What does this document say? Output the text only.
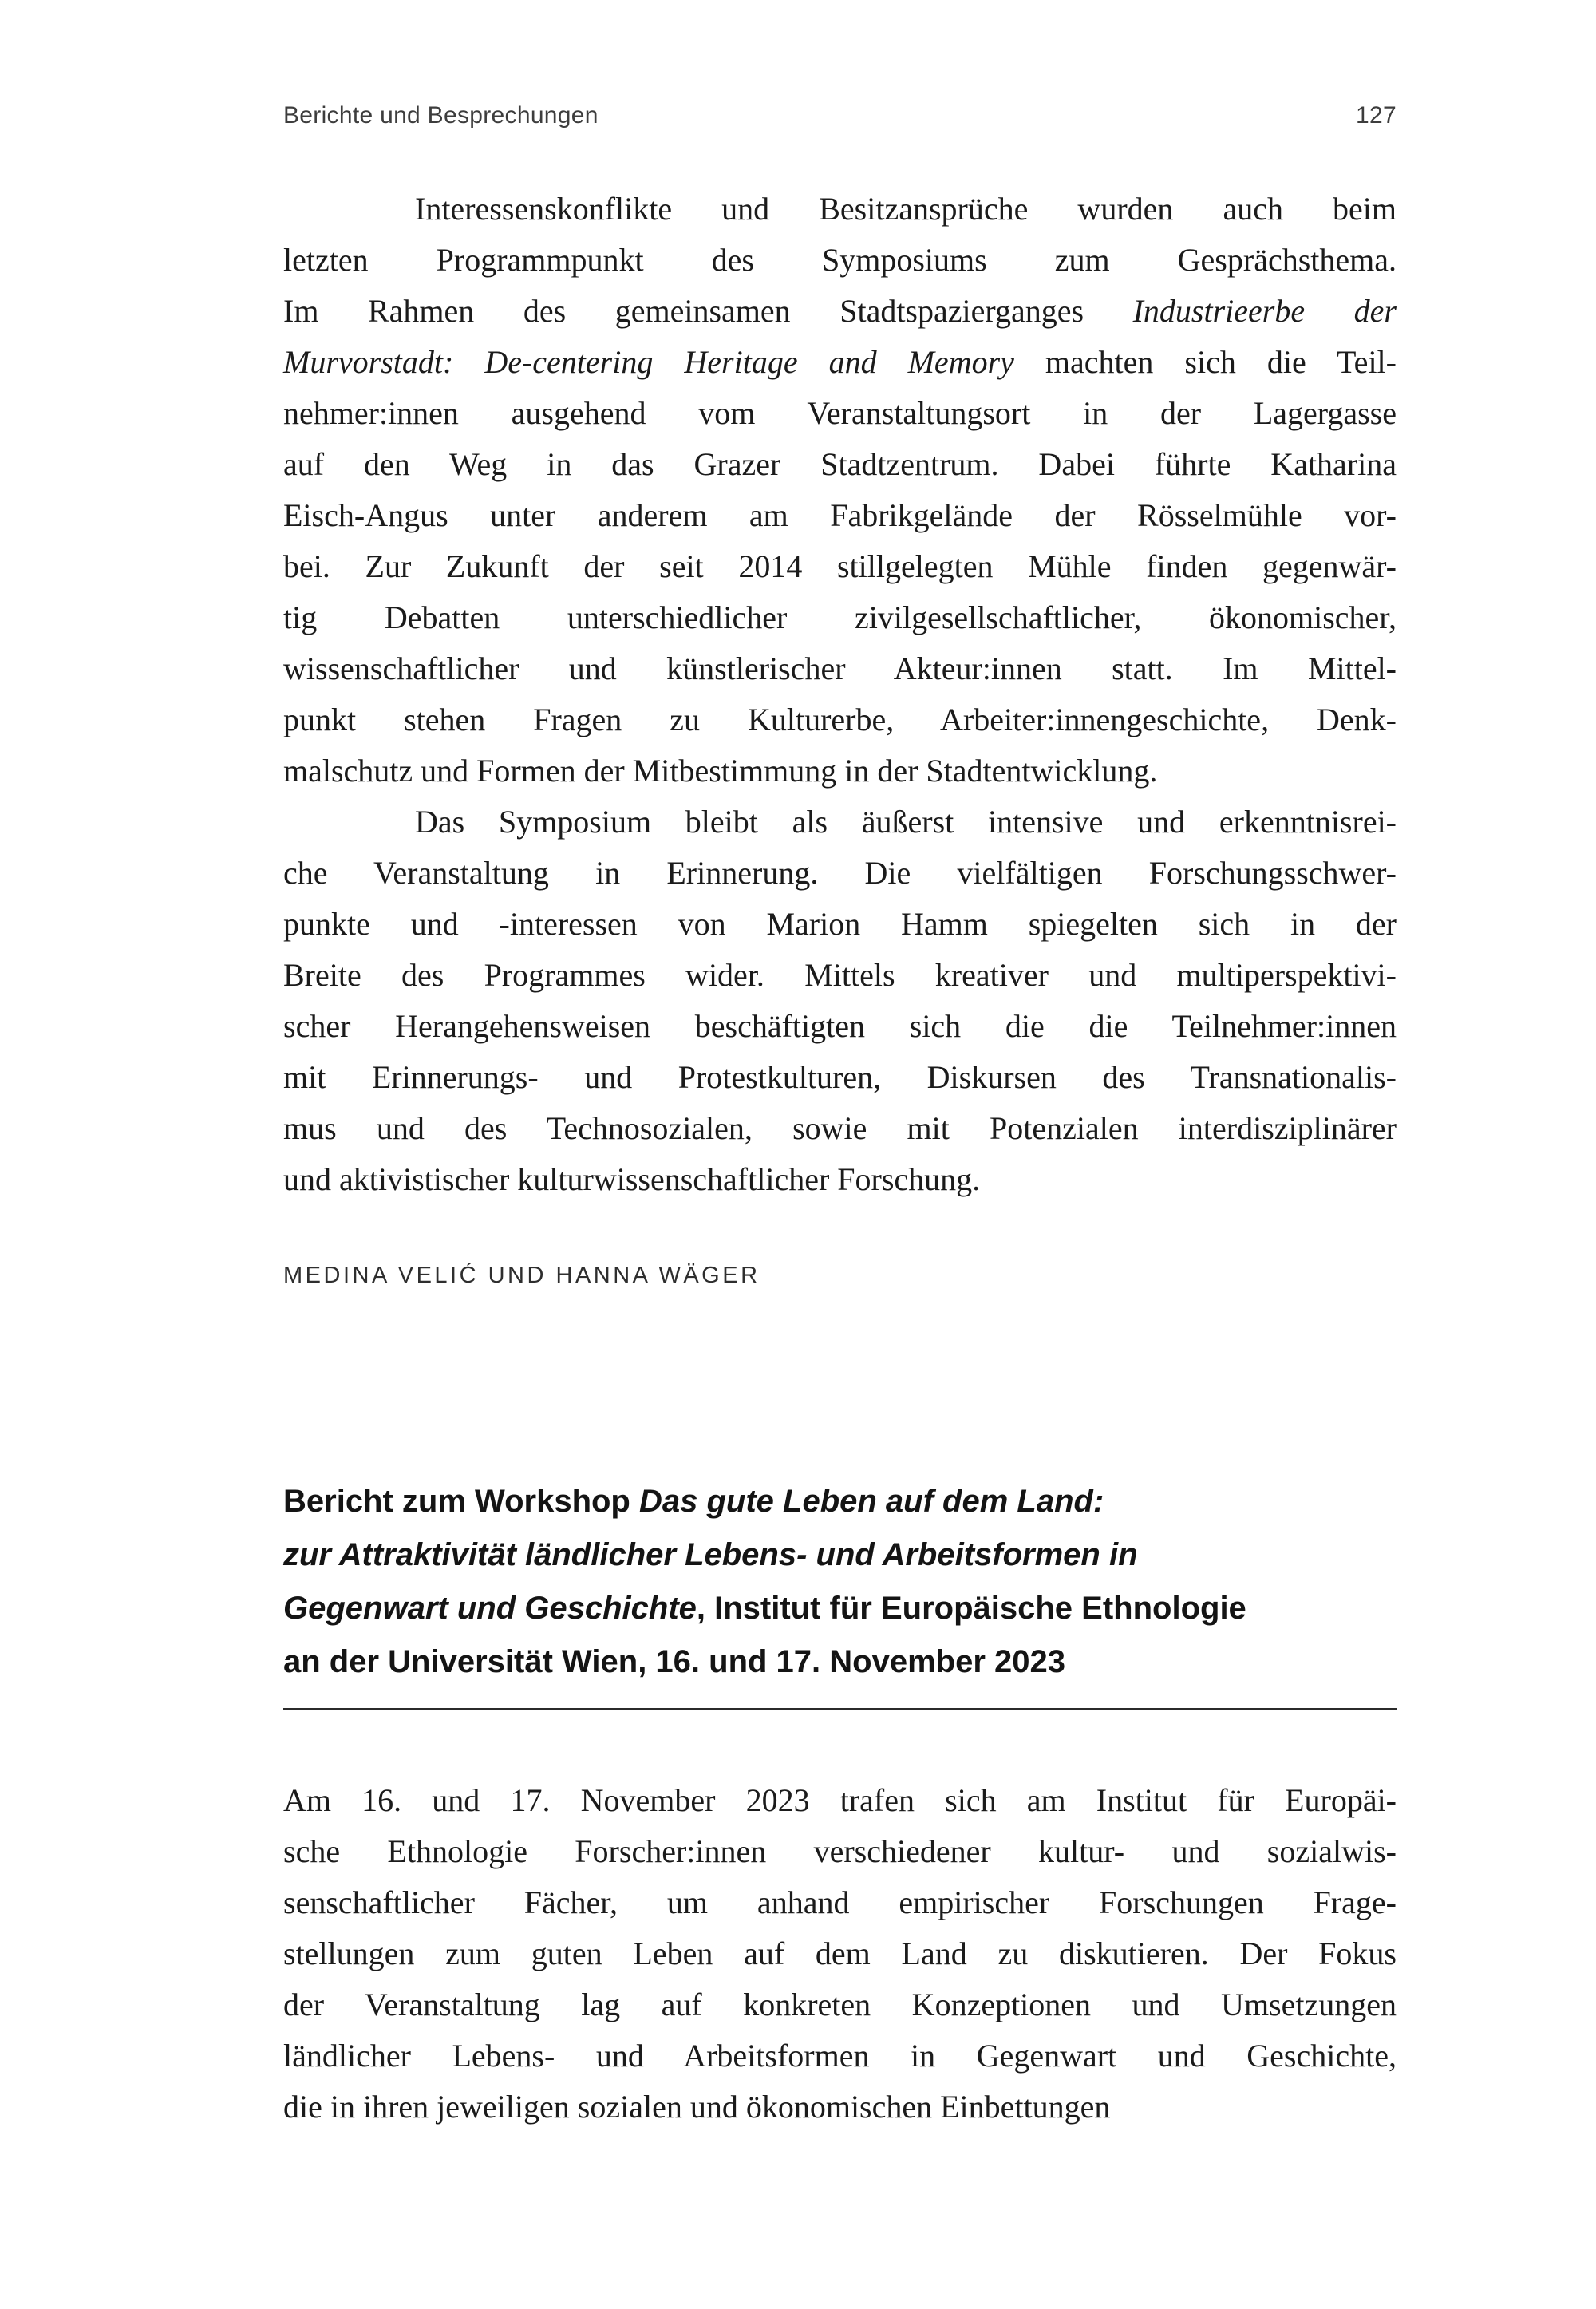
Berichte und Besprechungen	127
Interessenskonflikte und Besitzansprüche wurden auch beim
letzten Programmpunkt des Symposiums zum Gesprächsthema.
Im Rahmen des gemeinsamen Stadtspazierganges Industrieerbe der
Murvorstadt: De-centering Heritage and Memory machten sich die Teil-
nehmer:innen ausgehend vom Veranstaltungsort in der Lagergasse
auf den Weg in das Grazer Stadtzentrum. Dabei führte Katharina
Eisch-Angus unter anderem am Fabrikgelände der Rösselmühle vor-
bei. Zur Zukunft der seit 2014 stillgelegten Mühle finden gegenwär-
tig Debatten unterschiedlicher zivilgesellschaftlicher, ökonomischer,
wissenschaftlicher und künstlerischer Akteur:innen statt. Im Mittel-
punkt stehen Fragen zu Kulturerbe, Arbeiter:innengeschichte, Denk-
malschutz und Formen der Mitbestimmung in der Stadtentwicklung.
Das Symposium bleibt als äußerst intensive und erkenntnisrei-
che Veranstaltung in Erinnerung. Die vielfältigen Forschungsschwer-
punkte und -interessen von Marion Hamm spiegelten sich in der
Breite des Programmes wider. Mittels kreativer und multiperspektivi-
scher Herangehensweisen beschäftigten sich die die Teilnehmer:innen
mit Erinnerungs- und Protestkulturen, Diskursen des Transnationalis-
mus und des Technosozialen, sowie mit Potenzialen interdisziplinärer
und aktivistischer kulturwissenschaftlicher Forschung.
MEDINA VELIĆ UND HANNA WÄGER
Bericht zum Workshop Das gute Leben auf dem Land:
zur Attraktivität ländlicher Lebens- und Arbeitsformen in
Gegenwart und Geschichte, Institut für Europäische Ethnologie
an der Universität Wien, 16. und 17. November 2023
Am 16. und 17. November 2023 trafen sich am Institut für Europäi-
sche Ethnologie Forscher:innen verschiedener kultur- und sozialwis-
senschaftlicher Fächer, um anhand empirischer Forschungen Frage-
stellungen zum guten Leben auf dem Land zu diskutieren. Der Fokus
der Veranstaltung lag auf konkreten Konzeptionen und Umsetzungen
ländlicher Lebens- und Arbeitsformen in Gegenwart und Geschichte,
die in ihren jeweiligen sozialen und ökonomischen Einbettungen
